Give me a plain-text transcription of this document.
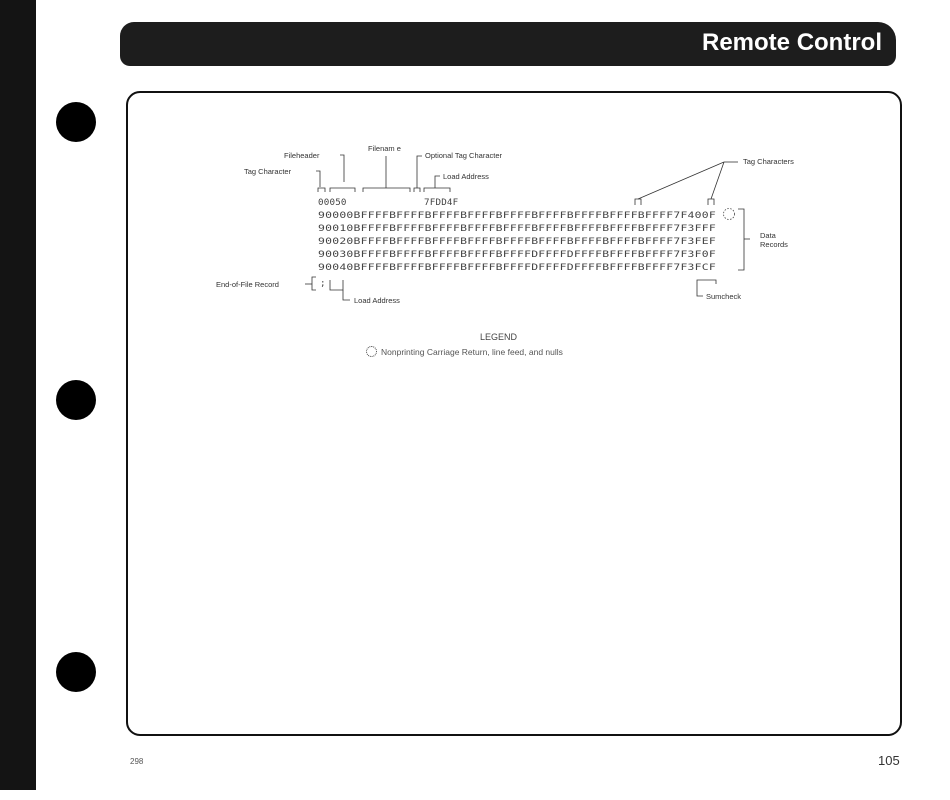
Remote Control
Fileheader
Tag Character
Filenam e
Optional Tag Character
Load Address
Tag Characters
Data
Records
End-of-File Record
Load Address	Sumcheck
00050	7FDD4F
90000BFFFFBFFFFBFFFFBFFFFBFFFFBFFFFBFFFFBFFFFBFFFF7F400F
90010BFFFFBFFFFBFFFFBFFFFBFFFFBFFFFBFFFFBFFFFBFFFF7F3FFF
90020BFFFFBFFFFBFFFFBFFFFBFFFFBFFFFBFFFFBFFFFBFFFF7F3FEF
90030BFFFFBFFFFBFFFFBFFFFBFFFFDFFFFDFFFFBFFFFBFFFF7F3F0F
90040BFFFFBFFFFBFFFFBFFFFBFFFFDFFFFDFFFFBFFFFBFFFF7F3FCF
;
LEGEND
Nonprinting Carriage Return, line feed, and nulls
298	105
